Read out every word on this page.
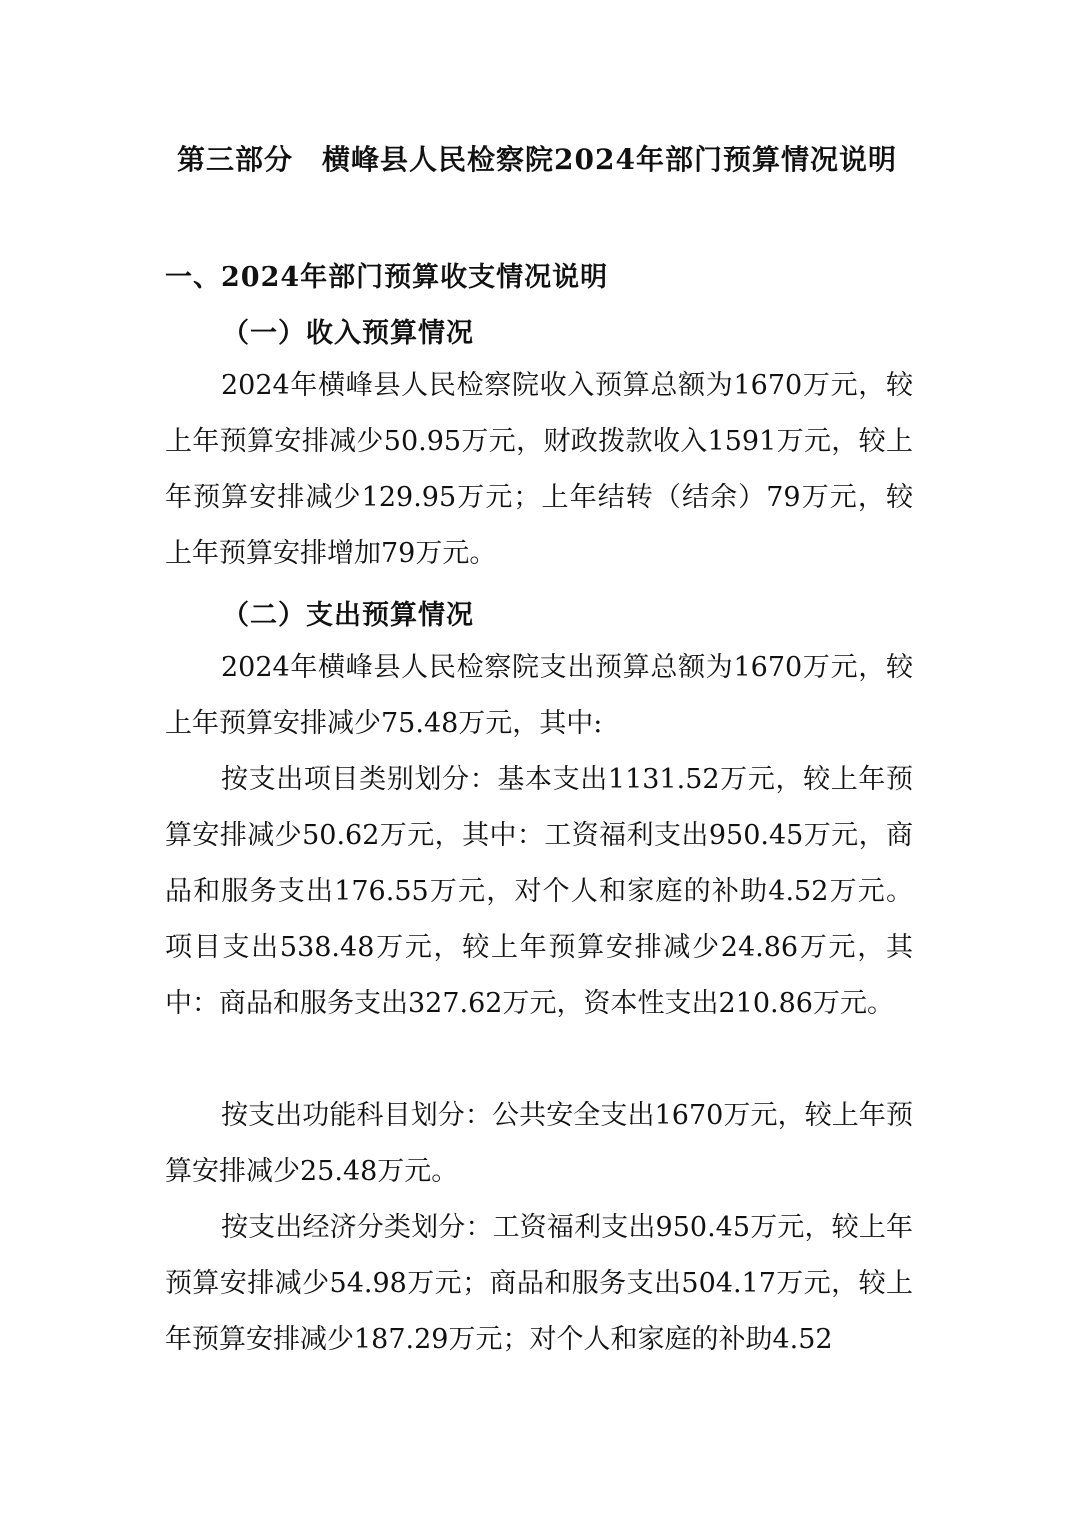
第三部分　横峰县人民检察院2024年部门预算情况说明
一、2024年部门预算收支情况说明
（一）收入预算情况
2024年横峰县人民检察院收入预算总额为1670万元，较上年预算安排减少50.95万元，财政拨款收入1591万元，较上年预算安排减少129.95万元；上年结转（结余）79万元，较上年预算安排增加79万元。
（二）支出预算情况
2024年横峰县人民检察院支出预算总额为1670万元，较上年预算安排减少75.48万元，其中:
按支出项目类别划分：基本支出1131.52万元，较上年预算安排减少50.62万元，其中：工资福利支出950.45万元，商品和服务支出176.55万元，对个人和家庭的补助4.52万元。项目支出538.48万元，较上年预算安排减少24.86万元，其中：商品和服务支出327.62万元，资本性支出210.86万元。
按支出功能科目划分：公共安全支出1670万元，较上年预算安排减少25.48万元。
按支出经济分类划分：工资福利支出950.45万元，较上年预算安排减少54.98万元；商品和服务支出504.17万元，较上年预算安排减少187.29万元；对个人和家庭的补助4.52
